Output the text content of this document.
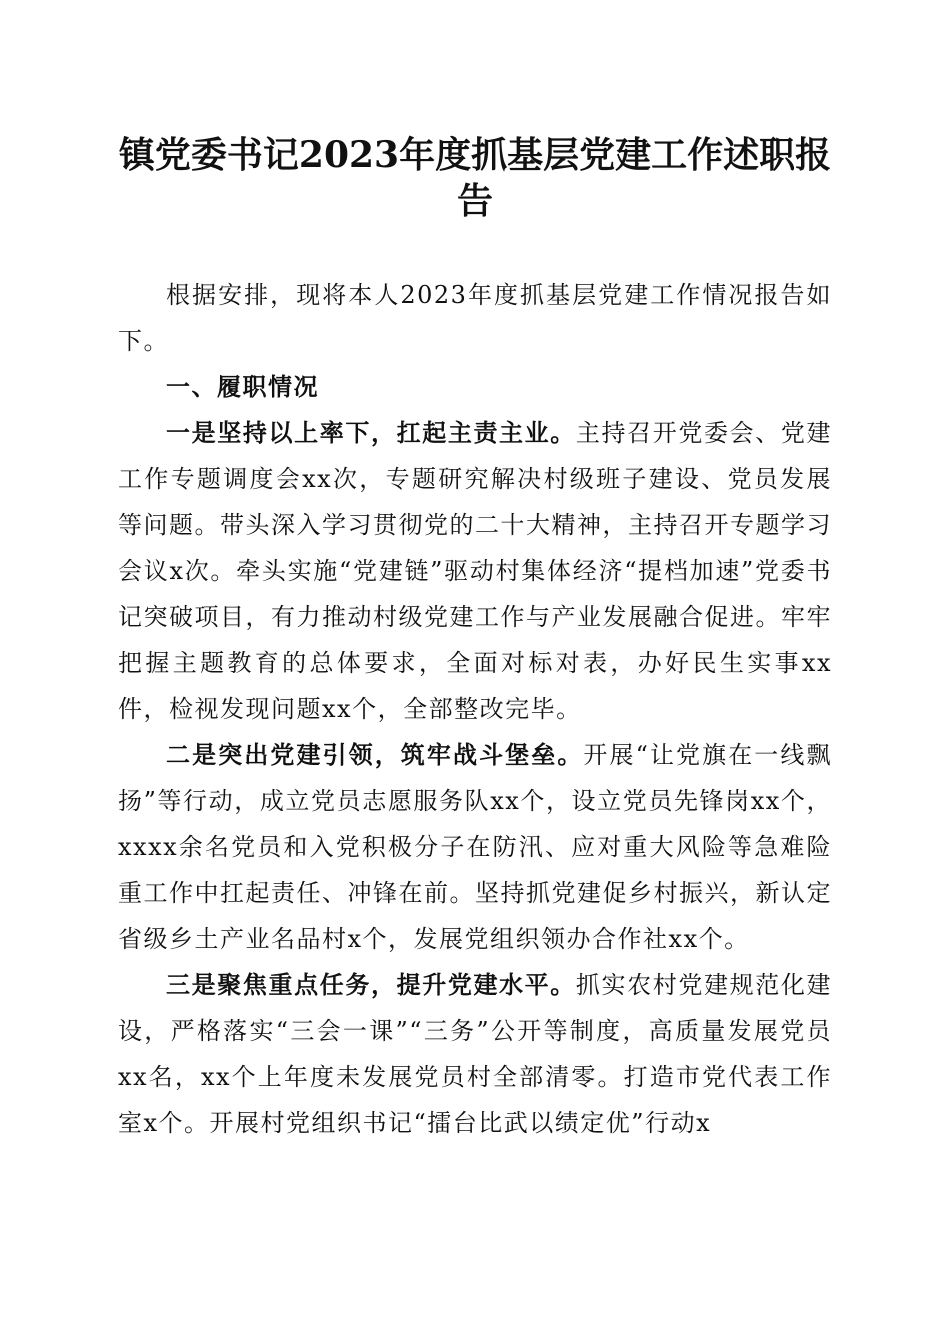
镇党委书记2023年度抓基层党建工作述职报告

根据安排，现将本人2023年度抓基层党建工作情况报告如下。

一、履职情况

一是坚持以上率下，扛起主责主业。主持召开党委会、党建工作专题调度会xx次，专题研究解决村级班子建设、党员发展等问题。带头深入学习贯彻党的二十大精神，主持召开专题学习会议x次。牵头实施“党建链”驱动村集体经济“提档加速”党委书记突破项目，有力推动村级党建工作与产业发展融合促进。牢牢把握主题教育的总体要求，全面对标对表，办好民生实事xx件，检视发现问题xx个，全部整改完毕。

二是突出党建引领，筑牢战斗堡垒。开展“让党旗在一线飘扬”等行动，成立党员志愿服务队xx个，设立党员先锋岗xx个，xxxx余名党员和入党积极分子在防汛、应对重大风险等急难险重工作中扛起责任、冲锋在前。坚持抓党建促乡村振兴，新认定省级乡土产业名品村x个，发展党组织领办合作社xx个。

三是聚焦重点任务，提升党建水平。抓实农村党建规范化建设，严格落实“三会一课”“三务”公开等制度，高质量发展党员xx名，xx个上年度未发展党员村全部清零。打造市党代表工作室x个。开展村党组织书记“擂台比武以绩定优”行动x
